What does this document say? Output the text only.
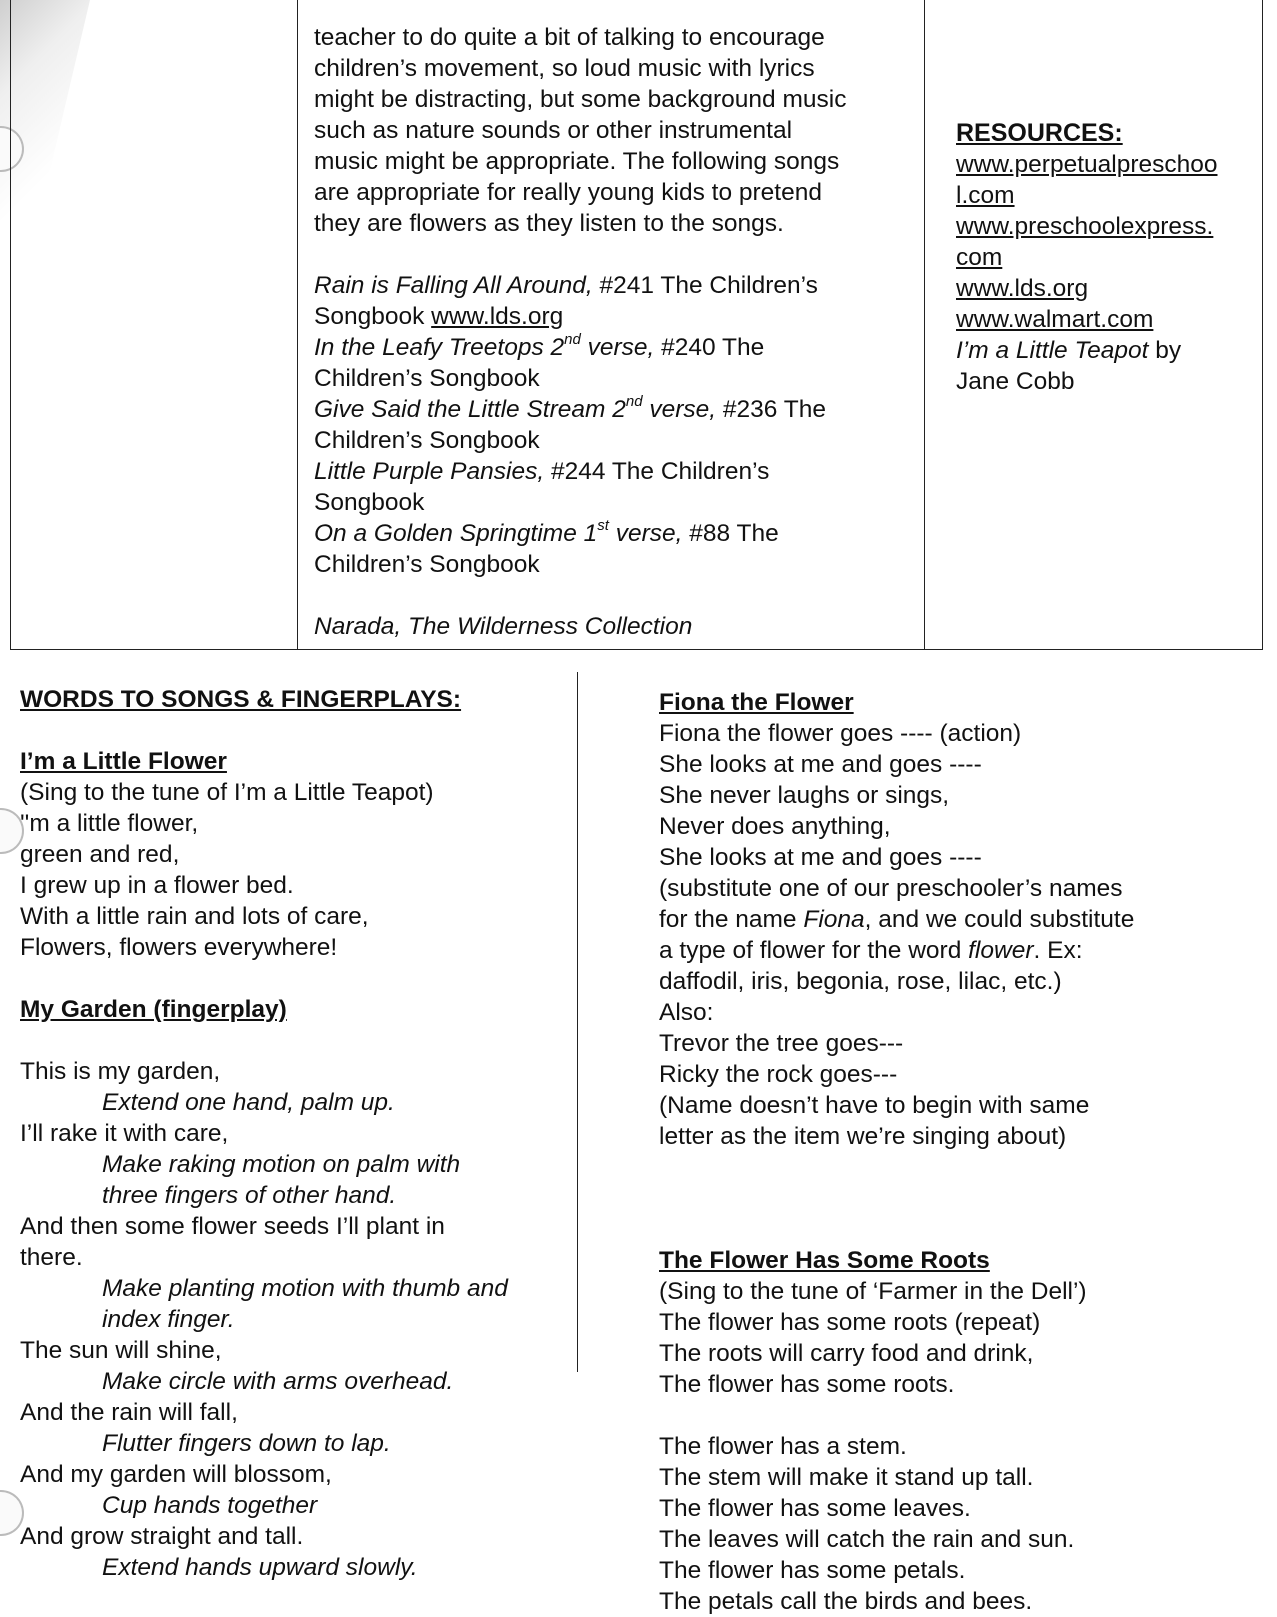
teacher to do quite a bit of talking to encourage
children’s movement, so loud music with lyrics
might be distracting, but some background music
such as nature sounds or other instrumental
music might be appropriate. The following songs
are appropriate for really young kids to pretend
they are flowers as they listen to the songs.
Rain is Falling All Around, #241 The Children’s
Songbook www.lds.org
In the Leafy Treetops 2nd verse, #240 The
Children’s Songbook
Give Said the Little Stream 2nd verse, #236 The
Children’s Songbook
Little Purple Pansies, #244 The Children’s
Songbook
On a Golden Springtime 1st verse, #88 The
Children’s Songbook
Narada, The Wilderness Collection
RESOURCES:
www.perpetualpreschoo
l.com
www.preschoolexpress.
com
www.lds.org
www.walmart.com
I’m a Little Teapot by
Jane Cobb
WORDS TO SONGS & FINGERPLAYS:
I’m a Little Flower
(Sing to the tune of I’m a Little Teapot)
''m a little flower,
green and red,
I grew up in a flower bed.
With a little rain and lots of care,
Flowers, flowers everywhere!
My Garden (fingerplay)
This is my garden,
Extend one hand, palm up.
I’ll rake it with care,
Make raking motion on palm with
three fingers of other hand.
And then some flower seeds I’ll plant in
there.
Make planting motion with thumb and
index finger.
The sun will shine,
Make circle with arms overhead.
And the rain will fall,
Flutter fingers down to lap.
And my garden will blossom,
Cup hands together
And grow straight and tall.
Extend hands upward slowly.
Fiona the Flower
Fiona the flower goes ---- (action)
She looks at me and goes ----
She never laughs or sings,
Never does anything,
She looks at me and goes ----
(substitute one of our preschooler’s names
for the name Fiona, and we could substitute
a type of flower for the word flower. Ex:
daffodil, iris, begonia, rose, lilac, etc.)
Also:
Trevor the tree goes---
Ricky the rock goes---
(Name doesn’t have to begin with same
letter as the item we’re singing about)
The Flower Has Some Roots
(Sing to the tune of ‘Farmer in the Dell’)
The flower has some roots (repeat)
The roots will carry food and drink,
The flower has some roots.
The flower has a stem.
The stem will make it stand up tall.
The flower has some leaves.
The leaves will catch the rain and sun.
The flower has some petals.
The petals call the birds and bees.
